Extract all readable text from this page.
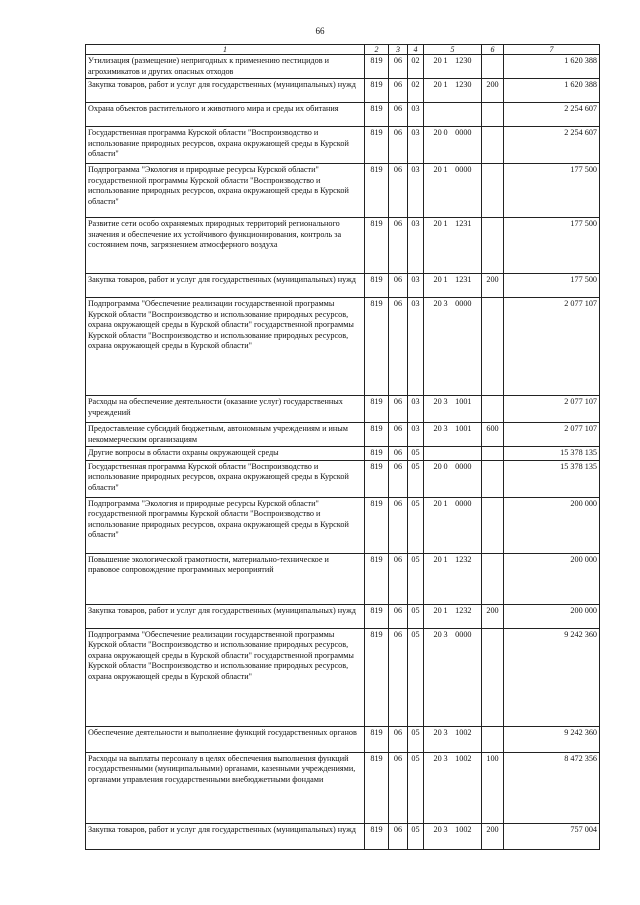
66
1	2	3	4	5	6	7
Утилизация (размещение) непригодных к применению пестицидов и агрохимикатов и других опасных отходов	819	06	02	20 1 1230		1 620 388
Закупка товаров, работ и услуг для государственных (муниципальных) нужд	819	06	02	20 1 1230	200	1 620 388
Охрана объектов растительного и животного мира и среды их обитания	819	06	03			2 254 607
Государственная программа Курской области "Воспроизводство и использование природных ресурсов, охрана окружающей среды в Курской области"	819	06	03	20 0 0000		2 254 607
Подпрограмма "Экология и природные ресурсы Курской области" государственной программы Курской области "Воспроизводство и использование природных ресурсов, охрана окружающей среды в Курской области"	819	06	03	20 1 0000		177 500
Развитие сети особо охраняемых природных территорий регионального значения и обеспечение их устойчивого функционирования, контроль за состоянием почв, загрязнением атмосферного воздуха	819	06	03	20 1 1231		177 500
Закупка товаров, работ и услуг для государственных (муниципальных) нужд	819	06	03	20 1 1231	200	177 500
Подпрограмма "Обеспечение реализации государственной программы Курской области "Воспроизводство и использование природных ресурсов, охрана окружающей среды в Курской области" государственной программы Курской области "Воспроизводство и использование природных ресурсов, охрана окружающей среды в Курской области"	819	06	03	20 3 0000		2 077 107
Расходы на обеспечение деятельности (оказание услуг) государственных учреждений	819	06	03	20 3 1001		2 077 107
Предоставление субсидий бюджетным, автономным учреждениям и иным некоммерческим организациям	819	06	03	20 3 1001	600	2 077 107
Другие вопросы в области охраны окружающей среды	819	06	05			15 378 135
Государственная программа Курской области "Воспроизводство и использование природных ресурсов, охрана окружающей среды в Курской области"	819	06	05	20 0 0000		15 378 135
Подпрограмма "Экология и природные ресурсы Курской области" государственной программы Курской области "Воспроизводство и использование природных ресурсов, охрана окружающей среды в Курской области"	819	06	05	20 1 0000		200 000
Повышение экологической грамотности, материально-техническое и правовое сопровождение программных мероприятий	819	06	05	20 1 1232		200 000
Закупка товаров, работ и услуг для государственных (муниципальных) нужд	819	06	05	20 1 1232	200	200 000
Подпрограмма "Обеспечение реализации государственной программы Курской области "Воспроизводство и использование природных ресурсов, охрана окружающей среды в Курской области" государственной программы Курской области "Воспроизводство и использование природных ресурсов, охрана окружающей среды в Курской области"	819	06	05	20 3 0000		9 242 360
Обеспечение деятельности и выполнение функций государственных органов	819	06	05	20 3 1002		9 242 360
Расходы на выплаты персоналу в целях обеспечения выполнения функций государственными (муниципальными) органами, казенными учреждениями, органами управления государственными внебюджетными фондами	819	06	05	20 3 1002	100	8 472 356
Закупка товаров, работ и услуг для государственных (муниципальных) нужд	819	06	05	20 3 1002	200	757 004
